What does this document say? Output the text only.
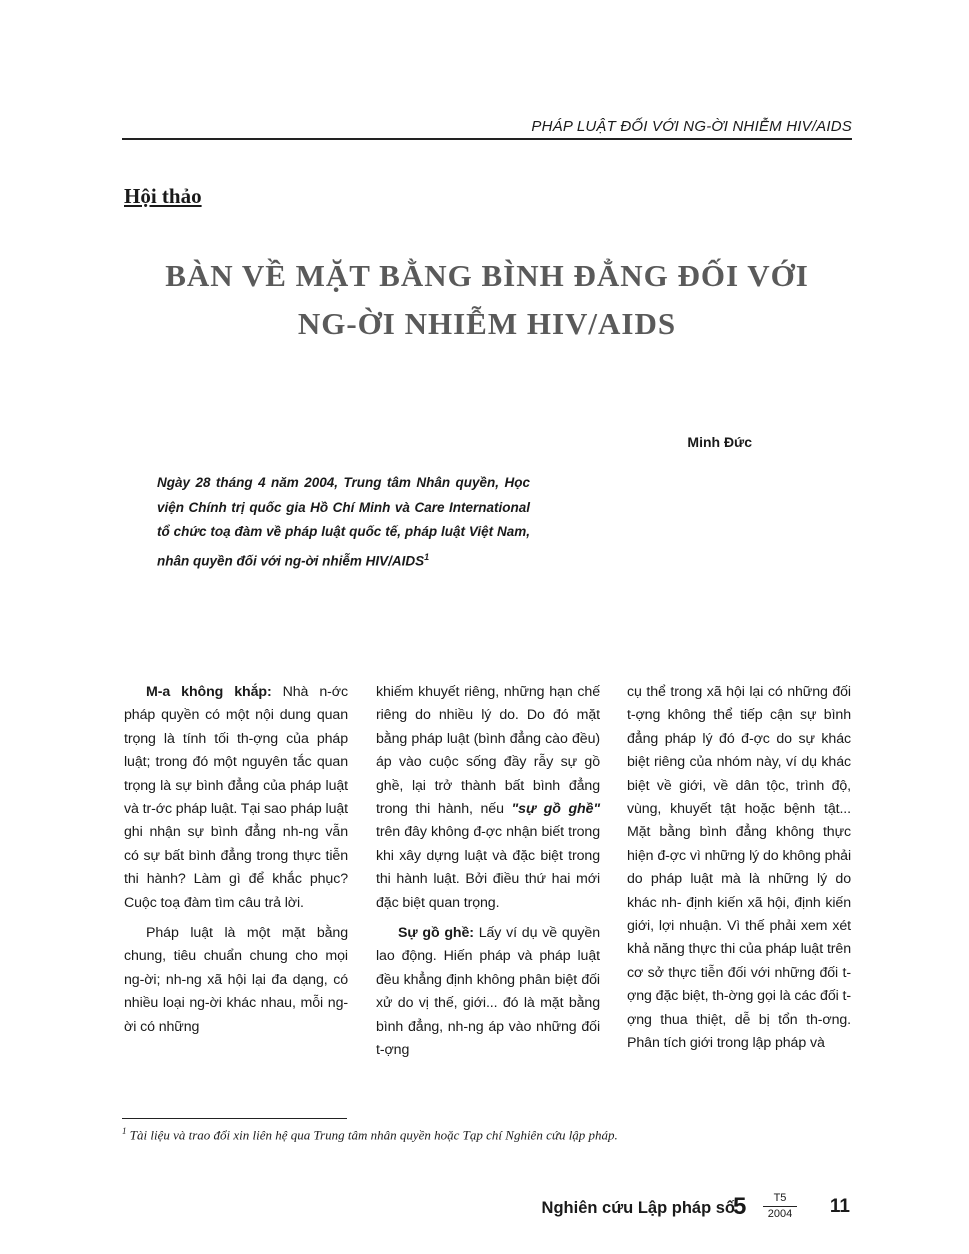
PHÁP LUẬT ĐỐI VỚI NG-ỜI NHIỄM HIV/AIDS
Hội thảo
BÀN VỀ MẶT BẰNG BÌNH ĐẲNG ĐỐI VỚI
NG-ỜI NHIỄM HIV/AIDS
Minh Đức
Ngày 28 tháng 4 năm 2004, Trung tâm Nhân quyền, Học viện Chính trị quốc gia Hồ Chí Minh và Care International tổ chức toạ đàm về pháp luật quốc tế, pháp luật Việt Nam, nhân quyền đối với ng-ời nhiễm HIV/AIDS$^1$

M-a không khắp: Nhà n-ớc pháp quyền có một nội dung quan trọng là tính tối th-ợng của pháp luật; trong đó một nguyên tắc quan trọng là sự bình đẳng của pháp luật và tr-ớc pháp luật. Tại sao pháp luật ghi nhận sự bình đẳng nh-ng vẫn có sự bất bình đẳng trong thực tiễn thi hành? Làm gì để khắc phục? Cuộc toạ đàm tìm câu trả lời.

Pháp luật là một mặt bằng chung, tiêu chuẩn chung cho mọi ng-ời; nh-ng xã hội lại đa dạng, có nhiều loại ng-ời khác nhau, mỗi ng-ời có những

khiếm khuyết riêng, những hạn chế riêng do nhiều lý do. Do đó mặt bằng pháp luật (bình đẳng cào đều) áp vào cuộc sống đầy rẫy sự gồ ghề, lại trở thành bất bình đẳng trong thi hành, nếu "sự gồ ghề" trên đây không đ-ợc nhận biết trong khi xây dựng luật và đặc biệt trong thi hành luật. Bởi điều thứ hai mới đặc biệt quan trọng.

Sự gồ ghề: Lấy ví dụ về quyền lao động. Hiến pháp và pháp luật đều khẳng định không phân biệt đối xử do vị thế, giới... đó là mặt bằng bình đẳng, nh-ng áp vào những đối t-ợng

cụ thể trong xã hội lại có những đối t-ợng không thể tiếp cận sự bình đẳng pháp lý đó đ-ợc do sự khác biệt riêng của nhóm này, ví dụ khác biệt về giới, về dân tộc, trình độ, vùng, khuyết tật hoặc bệnh tật... Mặt bằng bình đẳng không thực hiện đ-ợc vì những lý do không phải do pháp luật mà là những lý do khác nh- định kiến xã hội, định kiến giới, lợi nhuận. Vì thế phải xem xét khả năng thực thi của pháp luật trên cơ sở thực tiễn đối với những đối t-ợng đặc biệt, th-ờng gọi là các đối t-ợng thua thiệt, dễ bị tổn th-ơng. Phân tích giới trong lập pháp và

$^1$ Tài liệu và trao đổi xin liên hệ qua Trung tâm nhân quyền hoặc Tạp chí Nghiên cứu lập pháp.
Nghiên cứu Lập pháp số
$5 \frac{T5}{2004} 11$
